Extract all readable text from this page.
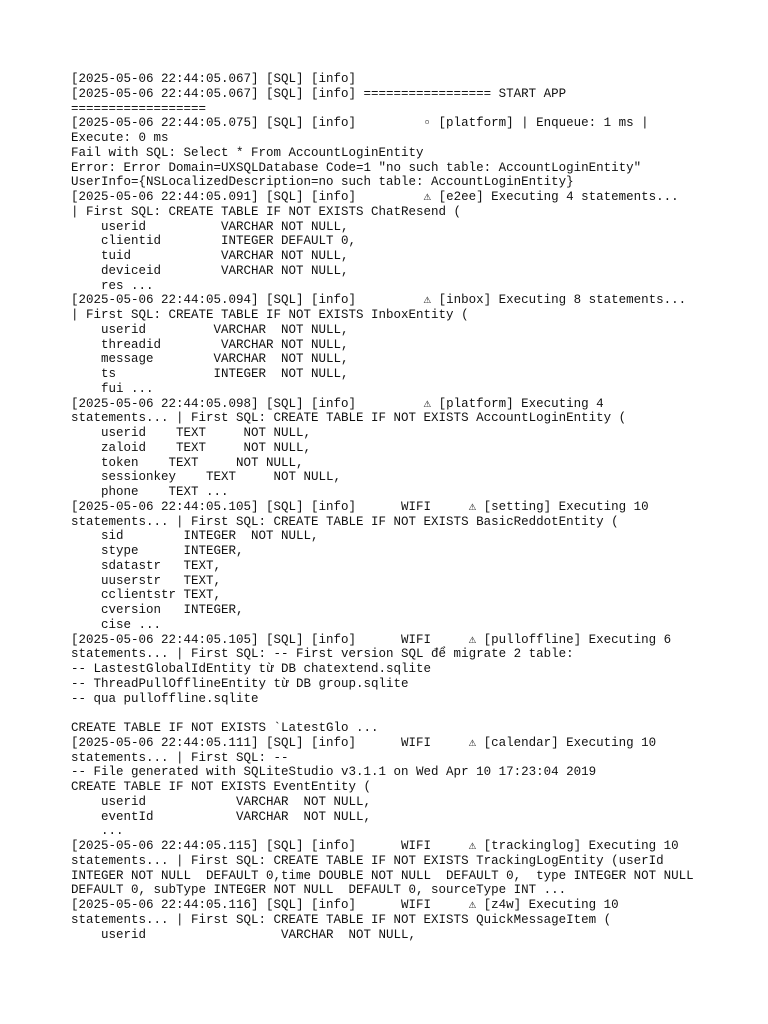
[2025-05-06 22:44:05.067] [SQL] [info]
[2025-05-06 22:44:05.067] [SQL] [info] ================= START APP
==================
[2025-05-06 22:44:05.075] [SQL] [info]         ▫ [platform] | Enqueue: 1 ms |
Execute: 0 ms
Fail with SQL: Select * From AccountLoginEntity
Error: Error Domain=UXSQLDatabase Code=1 "no such table: AccountLoginEntity"
UserInfo={NSLocalizedDescription=no such table: AccountLoginEntity}
[2025-05-06 22:44:05.091] [SQL] [info]         ⚠ [e2ee] Executing 4 statements...
| First SQL: CREATE TABLE IF NOT EXISTS ChatResend (
userid          VARCHAR NOT NULL,
clientid        INTEGER DEFAULT 0,
tuid            VARCHAR NOT NULL,
deviceid        VARCHAR NOT NULL,
res ...
[2025-05-06 22:44:05.094] [SQL] [info]         ⚠ [inbox] Executing 8 statements...
| First SQL: CREATE TABLE IF NOT EXISTS InboxEntity (
userid         VARCHAR  NOT NULL,
threadid        VARCHAR NOT NULL,
message        VARCHAR  NOT NULL,
ts             INTEGER  NOT NULL,
fui ...
[2025-05-06 22:44:05.098] [SQL] [info]         ⚠ [platform] Executing 4
statements... | First SQL: CREATE TABLE IF NOT EXISTS AccountLoginEntity (
userid    TEXT     NOT NULL,
zaloid    TEXT     NOT NULL,
token    TEXT     NOT NULL,
sessionkey    TEXT     NOT NULL,
phone    TEXT ...
[2025-05-06 22:44:05.105] [SQL] [info]      WIFI     ⚠ [setting] Executing 10
statements... | First SQL: CREATE TABLE IF NOT EXISTS BasicReddotEntity (
sid        INTEGER  NOT NULL,
stype      INTEGER,
sdatastr   TEXT,
uuserstr   TEXT,
cclientstr TEXT,
cversion   INTEGER,
cise ...
[2025-05-06 22:44:05.105] [SQL] [info]      WIFI     ⚠ [pulloffline] Executing 6
statements... | First SQL: -- First version SQL để migrate 2 table:
-- LastestGlobalIdEntity từ DB chatextend.sqlite
-- ThreadPullOfflineEntity từ DB group.sqlite
-- qua pulloffline.sqlite
CREATE TABLE IF NOT EXISTS `LatestGlo ...
[2025-05-06 22:44:05.111] [SQL] [info]      WIFI     ⚠ [calendar] Executing 10
statements... | First SQL: --
-- File generated with SQLiteStudio v3.1.1 on Wed Apr 10 17:23:04 2019
CREATE TABLE IF NOT EXISTS EventEntity (
userid            VARCHAR  NOT NULL,
eventId           VARCHAR  NOT NULL,
...
[2025-05-06 22:44:05.115] [SQL] [info]      WIFI     ⚠ [trackinglog] Executing 10
statements... | First SQL: CREATE TABLE IF NOT EXISTS TrackingLogEntity (userId
INTEGER NOT NULL  DEFAULT 0,time DOUBLE NOT NULL  DEFAULT 0,  type INTEGER NOT NULL
DEFAULT 0, subType INTEGER NOT NULL  DEFAULT 0, sourceType INT ...
[2025-05-06 22:44:05.116] [SQL] [info]      WIFI     ⚠ [z4w] Executing 10
statements... | First SQL: CREATE TABLE IF NOT EXISTS QuickMessageItem (
userid                  VARCHAR  NOT NULL,
